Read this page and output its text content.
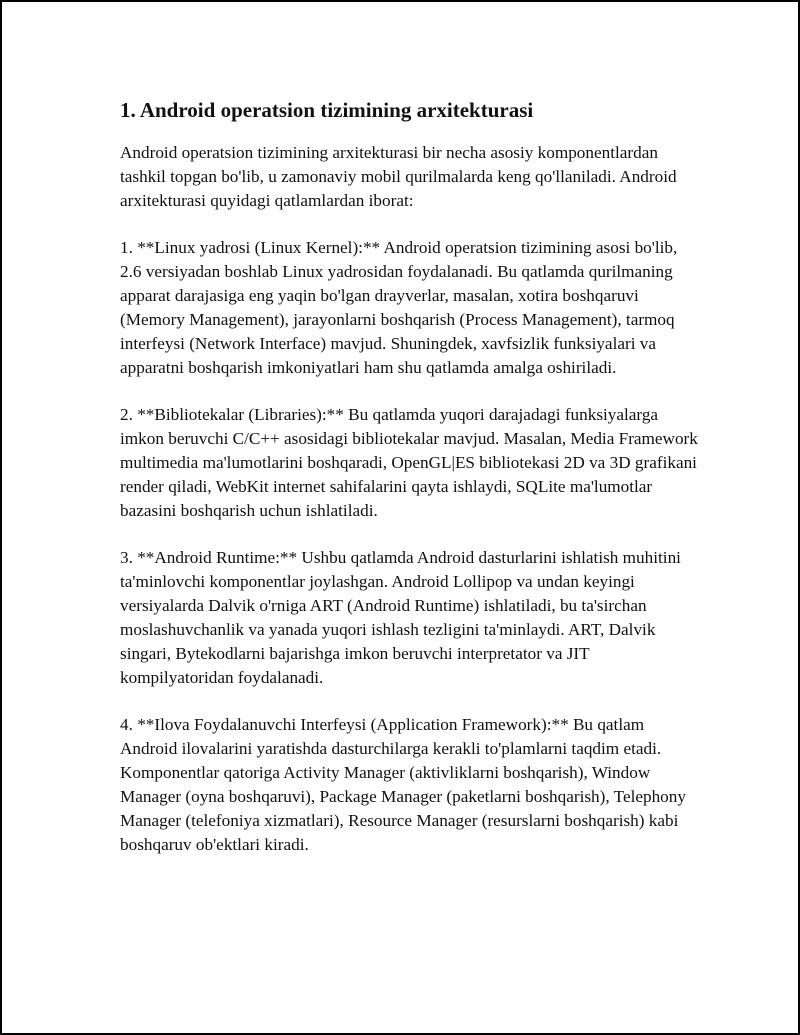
1. Android operatsion tizimining arxitekturasi

Android operatsion tizimining arxitekturasi bir necha asosiy komponentlardan tashkil topgan bo'lib, u zamonaviy mobil qurilmalarda keng qo'llaniladi. Android arxitekturasi quyidagi qatlamlardan iborat:

1. **Linux yadrosi (Linux Kernel):** Android operatsion tizimining asosi bo'lib, 2.6 versiyadan boshlab Linux yadrosidan foydalanadi. Bu qatlamda qurilmaning apparat darajasiga eng yaqin bo'lgan drayverlar, masalan, xotira boshqaruvi (Memory Management), jarayonlarni boshqarish (Process Management), tarmoq interfeysi (Network Interface) mavjud. Shuningdek, xavfsizlik funksiyalari va apparatni boshqarish imkoniyatlari ham shu qatlamda amalga oshiriladi.

2. **Bibliotekalar (Libraries):** Bu qatlamda yuqori darajadagi funksiyalarga imkon beruvchi C/C++ asosidagi bibliotekalar mavjud. Masalan, Media Framework multimedia ma'lumotlarini boshqaradi, OpenGL|ES bibliotekasi 2D va 3D grafikani render qiladi, WebKit internet sahifalarini qayta ishlaydi, SQLite ma'lumotlar bazasini boshqarish uchun ishlatiladi.

3. **Android Runtime:** Ushbu qatlamda Android dasturlarini ishlatish muhitini ta'minlovchi komponentlar joylashgan. Android Lollipop va undan keyingi versiyalarda Dalvik o'rniga ART (Android Runtime) ishlatiladi, bu ta'sirchan moslashuvchanlik va yanada yuqori ishlash tezligini ta'minlaydi. ART, Dalvik singari, Bytekodlarni bajarishga imkon beruvchi interpretator va JIT kompilyatoridan foydalanadi.

4. **Ilova Foydalanuvchi Interfeysi (Application Framework):** Bu qatlam Android ilovalarini yaratishda dasturchilarga kerakli to'plamlarni taqdim etadi. Komponentlar qatoriga Activity Manager (aktivliklarni boshqarish), Window Manager (oyna boshqaruvi), Package Manager (paketlarni boshqarish), Telephony Manager (telefoniya xizmatlari), Resource Manager (resurslarni boshqarish) kabi boshqaruv ob'ektlari kiradi.
